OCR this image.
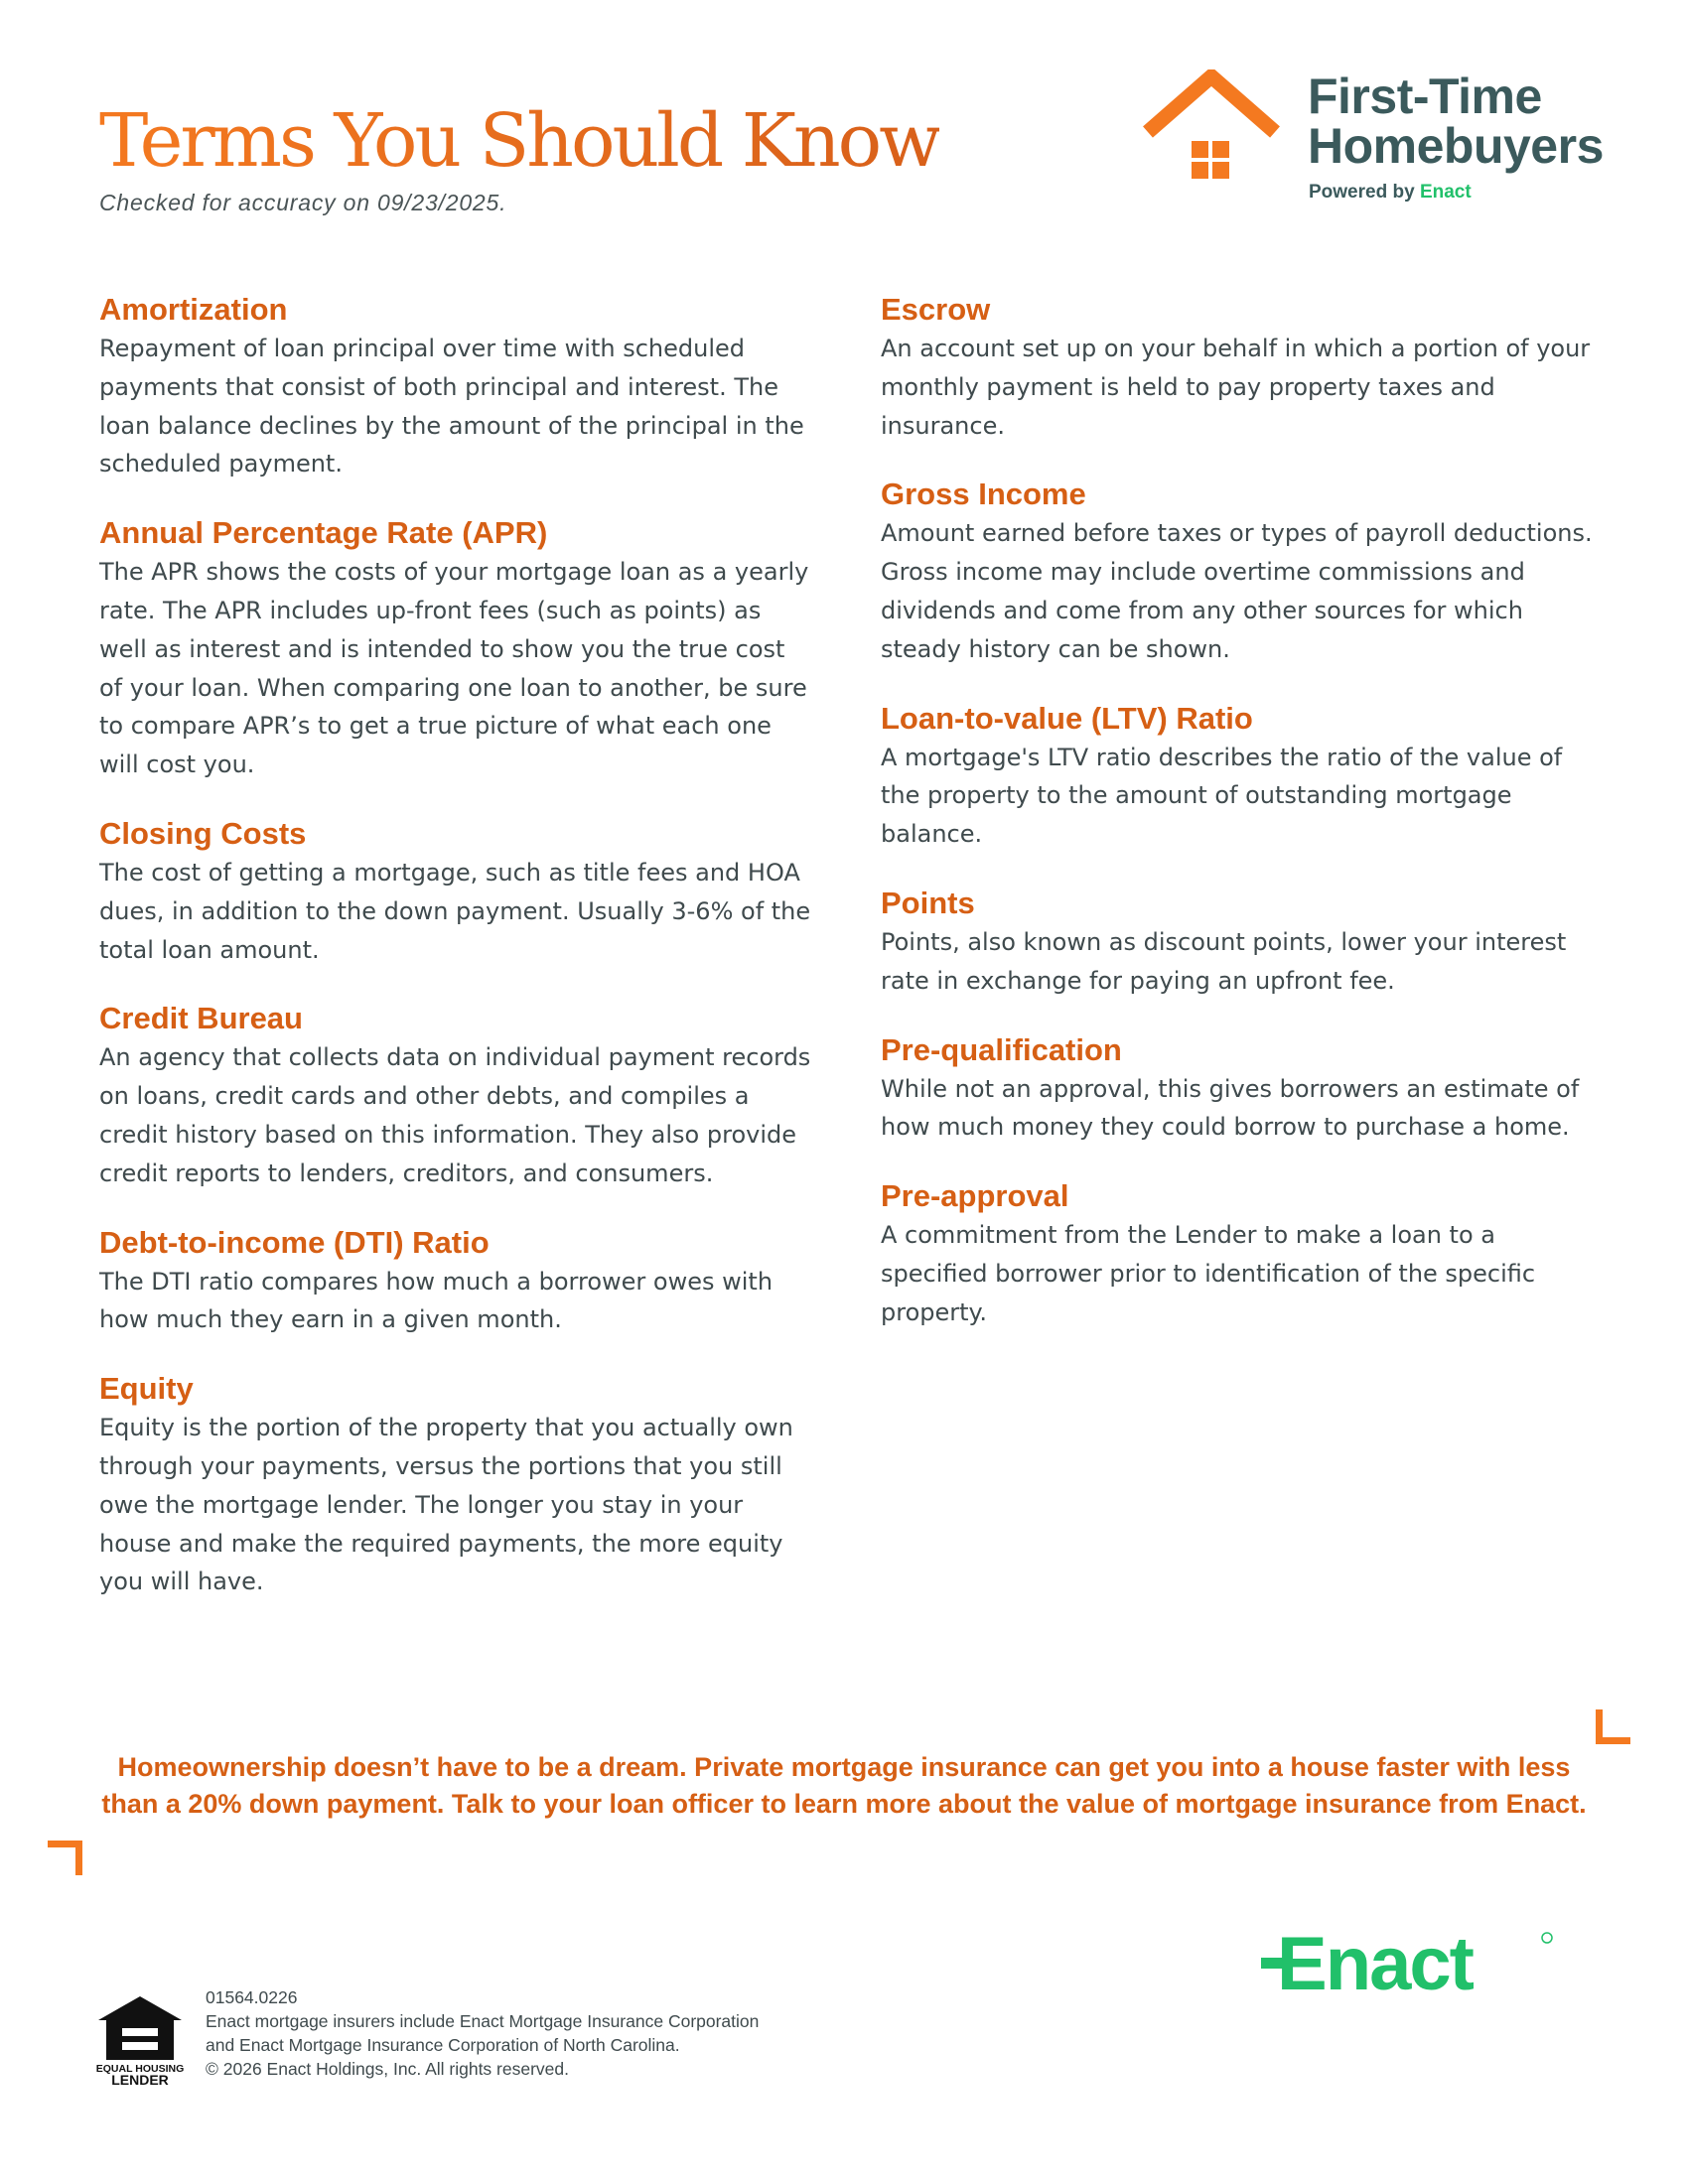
Terms You Should Know

Checked for accuracy on 09/23/2025.

First-Time
Homebuyers
Powered by Enact
Amortization

Repayment of loan principal over time with scheduled payments that consist of both principal and interest. The loan balance declines by the amount of the principal in the scheduled payment.

Annual Percentage Rate (APR)

The APR shows the costs of your mortgage loan as a yearly rate. The APR includes up-front fees (such as points) as well as interest and is intended to show you the true cost of your loan. When comparing one loan to another, be sure to compare APR’s to get a true picture of what each one will cost you.

Closing Costs

The cost of getting a mortgage, such as title fees and HOA dues, in addition to the down payment. Usually 3-6% of the total loan amount.

Credit Bureau

An agency that collects data on individual payment records on loans, credit cards and other debts, and compiles a credit history based on this information. They also provide credit reports to lenders, creditors, and consumers.

Debt-to-income (DTI) Ratio

The DTI ratio compares how much a borrower owes with how much they earn in a given month.

Equity

Equity is the portion of the property that you actually own through your payments, versus the portions that you still owe the mortgage lender. The longer you stay in your house and make the required payments, the more equity you will have.

Escrow

An account set up on your behalf in which a portion of your monthly payment is held to pay property taxes and insurance.

Gross Income

Amount earned before taxes or types of payroll deductions. Gross income may include overtime commissions and dividends and come from any other sources for which steady history can be shown.

Loan-to-value (LTV) Ratio

A mortgage's LTV ratio describes the ratio of the value of the property to the amount of outstanding mortgage balance.

Points

Points, also known as discount points, lower your interest rate in exchange for paying an upfront fee.

Pre-qualification

While not an approval, this gives borrowers an estimate of how much money they could borrow to purchase a home.

Pre-approval

A commitment from the Lender to make a loan to a specified borrower prior to identification of the specific property.

Homeownership doesn’t have to be a dream. Private mortgage insurance can get you into a house faster with less
than a 20% down payment. Talk to your loan officer to learn more about the value of mortgage insurance from Enact.
EQUAL HOUSING
LENDER
01564.0226
Enact mortgage insurers include Enact Mortgage Insurance Corporation
and Enact Mortgage Insurance Corporation of North Carolina.
© 2026 Enact Holdings, Inc. All rights reserved.
Enact
